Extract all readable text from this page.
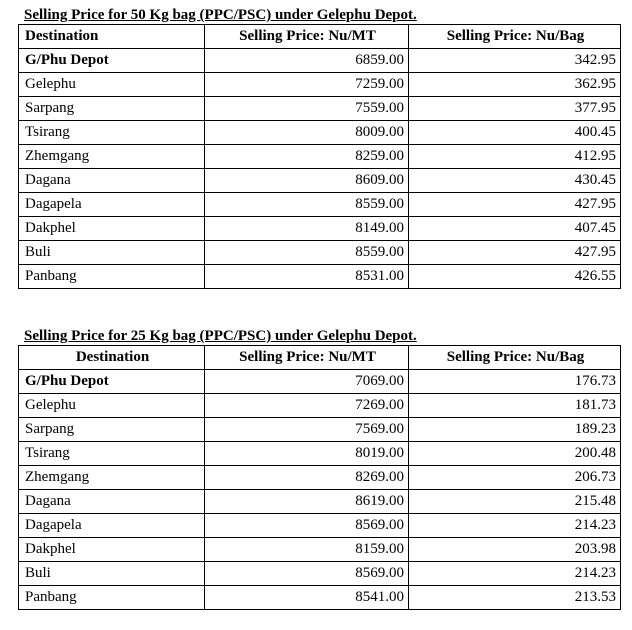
Selling Price for 50 Kg bag (PPC/PSC) under Gelephu Depot.
Destination	Selling Price: Nu/MT	Selling Price: Nu/Bag
G/Phu Depot	6859.00	342.95
Gelephu	7259.00	362.95
Sarpang	7559.00	377.95
Tsirang	8009.00	400.45
Zhemgang	8259.00	412.95
Dagana	8609.00	430.45
Dagapela	8559.00	427.95
Dakphel	8149.00	407.45
Buli	8559.00	427.95
Panbang	8531.00	426.55
Selling Price for 25 Kg bag (PPC/PSC) under Gelephu Depot.
Destination	Selling Price: Nu/MT	Selling Price: Nu/Bag
G/Phu Depot	7069.00	176.73
Gelephu	7269.00	181.73
Sarpang	7569.00	189.23
Tsirang	8019.00	200.48
Zhemgang	8269.00	206.73
Dagana	8619.00	215.48
Dagapela	8569.00	214.23
Dakphel	8159.00	203.98
Buli	8569.00	214.23
Panbang	8541.00	213.53
